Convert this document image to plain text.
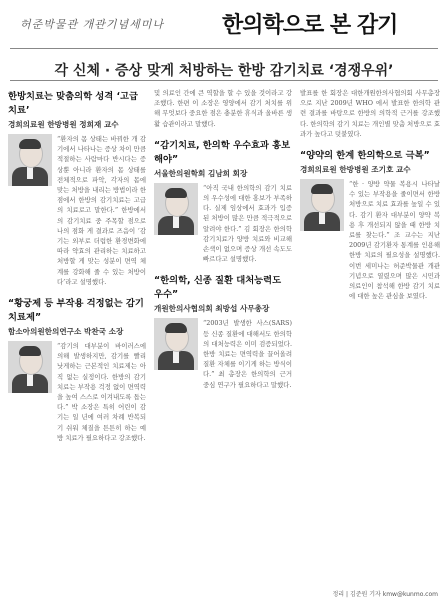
허준박물관 개관기념세미나	한의학으로 본 감기
각 신체 · 증상 맞게 처방하는 한방 감기치료 ‘경쟁우위’
한방치료는 맞춤의학 성격 ‘고급치료’
경희의료원 한방병원 정희재 교수

“환자의 몸 상태는 바꿔한 개 감기에서 나타나는 증상 차이 만큼 적절하는 사람마다 반시다는 증상뿐 아니라 환자의 몸 상태를 전체적으로 파악, 각자의 몸에 맞는 처방을 내리는 방법이라 한 점에서 한방의 감기치료는 고급의 치료로고 말한다.” 한방에서의 감기치료 중 주목할 점으로 나의 점화 게 결과로 즈음이 ‘감기는 외부로 더럽한 환경변화에 따라 약효의 관리하는 치료하고 처방할 게 맞는 성분이 면역 체계를 강화해 줄 수 있는 처방이다’라고 설명했다.

“황궁제 등 부작용 걱정없는 감기치료제”
함소아의원한의연구소 박찬국 소장

“감기의 대부분이 바이러스에 의해 발생하지만, 감기를 빨리 낫게하는 근본적인 치료제는 아직 없는 실정이다. 한방의 감기치료는 부작용 걱정 없이 면역력을 높여 스스로 이겨내도록 돕는다.” 박 소장은 특히 어린이 감기는 일 년에 여러 차례 반복되기 쉬워 체질을 튼튼히 하는 예방 치료가 필요하다고 강조했다.

및 의료인 간에 큰 역할을 할 수 있을 것이라고 강조했다. 한편 이 소장은 영양에서 감기 처치를 위해 무엇보다 중요한 점은 충분한 휴식과 올바른 생활 습관이라고 말했다.

“감기치료, 한의학 우수효과 홍보해야”
서울한의원학회 김남희 회장

“아직 국내 한의학의 감기 치료의 우수성에 대한 홍보가 부족하다. 실제 임상에서 효과가 입증된 처방이 많은 만큼 적극적으로 알려야 한다.” 김 회장은 한의학 감기치료가 양방 치료와 비교해 손색이 없으며 증상 개선 속도도 빠르다고 설명했다.

“한의학, 신종 질환 대처능력도 우수”
개원한의사협의회 최방섭 사무총장

“2003년 발생한 사스(SARS) 등 신종 질환에 대해서도 한의학의 대처능력은 이미 검증되었다. 한방 치료는 면역력을 끌어올려 질환 자체를 이기게 하는 방식이다.” 최 총장은 한의학의 근거 중심 연구가 필요하다고 말했다.

발표를 한 회장은 대한개원한의사협의회 사무총장으로 지난 2009년 WHO 에서 발표한 한의학 관련 결과를 바탕으로 한방의 의학적 근거를 강조했다. 한의학의 감기 치료는 개인별 맞춤 처방으로 효과가 높다고 덧붙였다.

“양약의 한계 한의학으로 극복”
경희의료원 한방병원 조기호 교수

“한 · 양방 약물 복용시 나타날 수 있는 부작용을 줄이면서 한방 처방으로 치료 효과를 높일 수 있다. 감기 환자 대부분이 양약 복용 후 개선되지 않을 때 한방 치료를 찾는다.” 조 교수는 지난 2009년 감기환자 통계를 인용해 한방 치료의 필요성을 설명했다. 이번 세미나는 허준박물관 개관 기념으로 열렸으며 많은 시민과 의료인이 참석해 한방 감기 치료에 대한 높은 관심을 보였다.

정리 | 김준원 기자 kmw@kunmo.com
